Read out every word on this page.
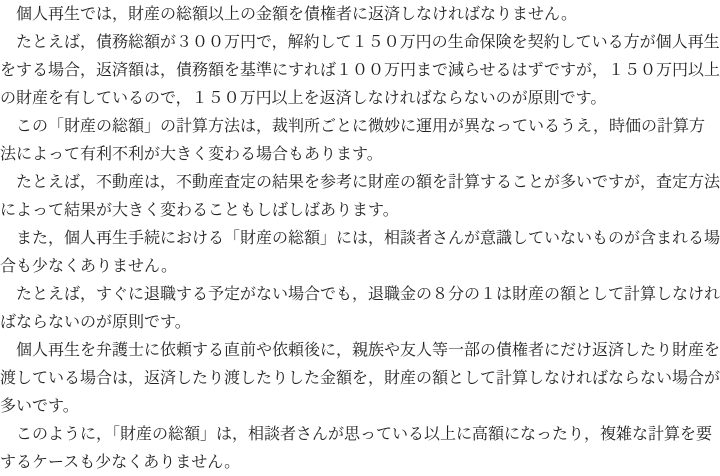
　個人再生では，財産の総額以上の金額を債権者に返済しなければなりません。

　たとえば，債務総額が３００万円で，解約して１５０万円の生命保険を契約している方が個人再生をする場合，返済額は，債務額を基準にすれば１００万円まで減らせるはずですが，１５０万円以上の財産を有しているので，１５０万円以上を返済しなければならないのが原則です。

　この「財産の総額」の計算方法は，裁判所ごとに微妙に運用が異なっているうえ，時価の計算方法によって有利不利が大きく変わる場合もあります。

　たとえば，不動産は，不動産査定の結果を参考に財産の額を計算することが多いですが，査定方法によって結果が大きく変わることもしばしばあります。

　また，個人再生手続における「財産の総額」には，相談者さんが意識していないものが含まれる場合も少なくありません。

　たとえば，すぐに退職する予定がない場合でも，退職金の８分の１は財産の額として計算しなければならないのが原則です。

　個人再生を弁護士に依頼する直前や依頼後に，親族や友人等一部の債権者にだけ返済したり財産を渡している場合は，返済したり渡したりした金額を，財産の額として計算しなければならない場合が多いです。

　このように，「財産の総額」は，相談者さんが思っている以上に高額になったり，複雑な計算を要するケースも少なくありません。
